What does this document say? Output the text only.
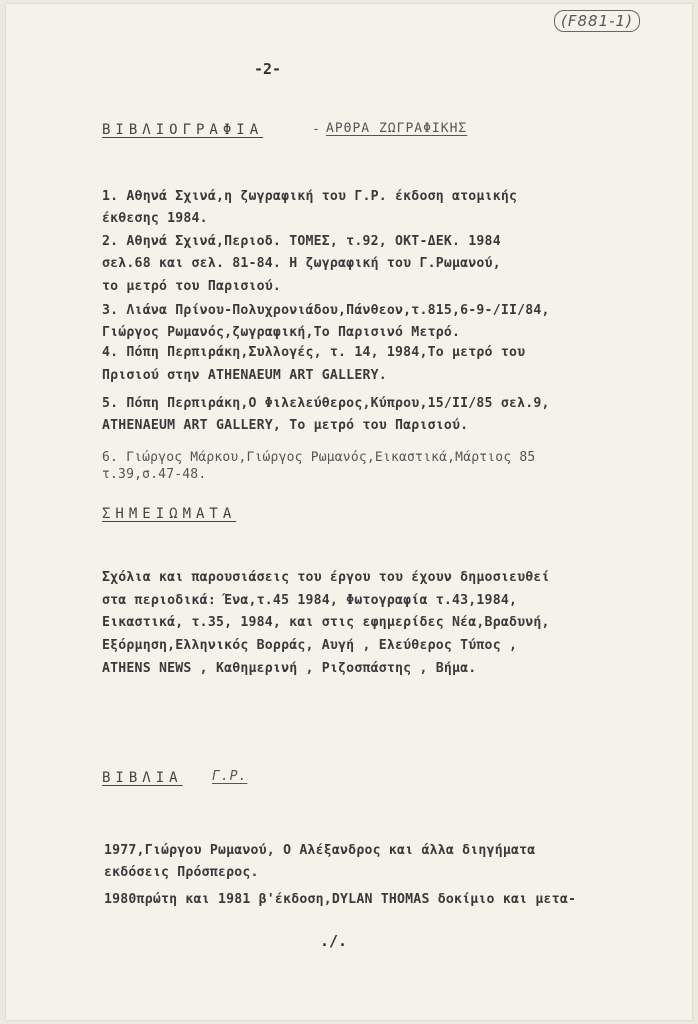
(F881-1)
-2-
ΒΙΒΛΙΟΓΡΑΦΙΑ	- ΑΡΘΡΑ ΖΩΓΡΑΦΙΚΗΣ
1. Αθηνά Σχινά,η ζωγραφική του Γ.Ρ. έκδοση ατομικής
έκθεσης 1984.
2. Αθηνά Σχινά,Περιοδ. ΤΟΜΕΣ, τ.92, ΟΚΤ-ΔΕΚ. 1984
σελ.68 και σελ. 81-84. Η ζωγραφική του Γ.Ρωμανού,
το μετρό του Παρισιού.
3. Λιάνα Πρίνου-Πολυχρονιάδου,Πάνθεον,τ.815,6-9-/ΙΙ/84,
Γιώργος Ρωμανός,ζωγραφική,Το Παρισινό Μετρό.
4. Πόπη Περπιράκη,Συλλογές, τ. 14, 1984,Το μετρό του
Πρισιού στην ATHENAEUM ART GALLERY.
5. Πόπη Περπιράκη,Ο Φιλελεύθερος,Κύπρου,15/ΙΙ/85 σελ.9,
ATHENAEUM ART GALLERY, Το μετρό του Παρισιού.
6. Γιώργος Μάρκου,Γιώργος Ρωμανός,Εικαστικά,Μάρτιος 85
τ.39,σ.47-48.
ΣΗΜΕΙΩΜΑΤΑ
Σχόλια και παρουσιάσεις του έργου του έχουν δημοσιευθεί
στα περιοδικά: Ένα,τ.45 1984, Φωτογραφία τ.43,1984,
Εικαστικά, τ.35, 1984, και στις εφημερίδες Νέα,Βραδυνή,
Εξόρμηση,Ελληνικός Βορράς, Αυγή , Ελεύθερος Τύπος ,
ATHENS NEWS , Καθημερινή , Ριζοσπάστης , Βήμα.
ΒΙΒΛΙΑ Γ.Ρ.
1977,Γιώργου Ρωμανού, Ο Αλέξανδρος και άλλα διηγήματα
εκδόσεις Πρόσπερος.
1980πρώτη και 1981 β'έκδοση,DYLAN THOMAS δοκίμιο και μετα-
./.
